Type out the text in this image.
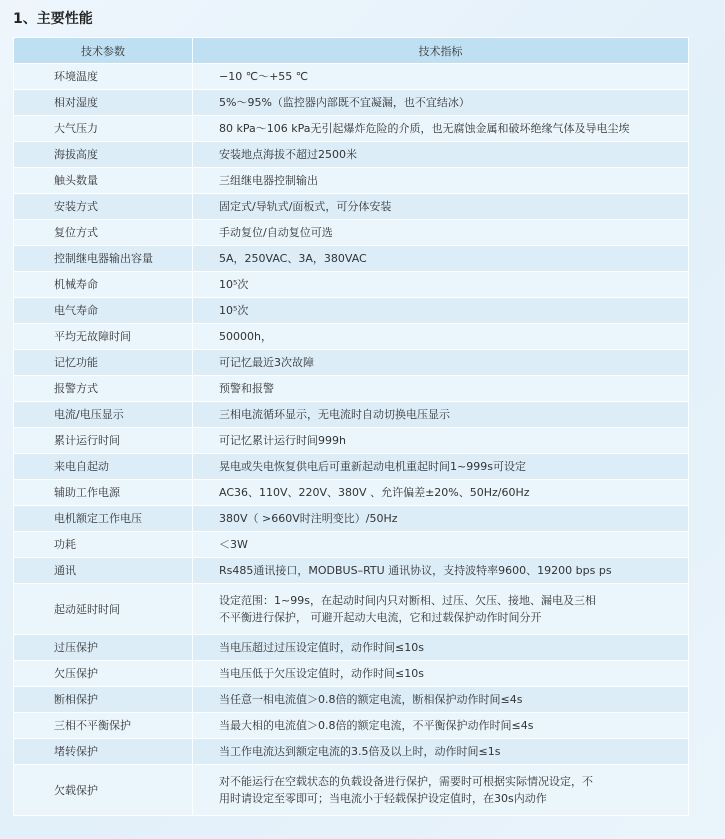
1、主要性能
技术参数	技术指标
环境温度	−10 ℃～+55 ℃
相对湿度	5%～95%（监控器内部既不宜凝漏，也不宜结冰）
大气压力	80 kPa～106 kPa无引起爆炸危险的介质，也无腐蚀金属和破坏绝缘气体及导电尘埃
海拔高度	安装地点海拔不超过2500米
触头数量	三组继电器控制输出
安装方式	固定式/导轨式/面板式，可分体安装
复位方式	手动复位/自动复位可选
控制继电器输出容量	5A，250VAC、3A，380VAC
机械寿命	10⁵次
电气寿命	10⁵次
平均无故障时间	50000h，
记忆功能	可记忆最近3次故障
报警方式	预警和报警
电流/电压显示	三相电流循环显示，无电流时自动切换电压显示
累计运行时间	可记忆累计运行时间999h
来电自起动	晃电或失电恢复供电后可重新起动电机重起时间1~999s可设定
辅助工作电源	AC36、110V、220V、380V 、允许偏差±20%、50Hz/60Hz
电机额定工作电压	380V（ >660V时注明变比）/50Hz
功耗	＜3W
通讯	Rs485通讯接口，MODBUS–RTU 通讯协议，支持波特率9600、19200 bps ps
起动延时时间	设定范围：1~99s，在起动时间内只对断相、过压、欠压、接地、漏电及三相
不平衡进行保护， 可避开起动大电流，它和过载保护动作时间分开

过压保护	当电压超过过压设定值时，动作时间≤10s
欠压保护	当电压低于欠压设定值时，动作时间≤10s
断相保护	当任意一相电流值＞0.8倍的额定电流，断相保护动作时间≤4s
三相不平衡保护	当最大相的电流值＞0.8倍的额定电流，不平衡保护动作时间≤4s
堵转保护	当工作电流达到额定电流的3.5倍及以上时，动作时间≤1s
欠载保护	对不能运行在空载状态的负载设备进行保护，需要时可根据实际情况设定，不
用时请设定至零即可；当电流小于轻载保护设定值时，在30s内动作
